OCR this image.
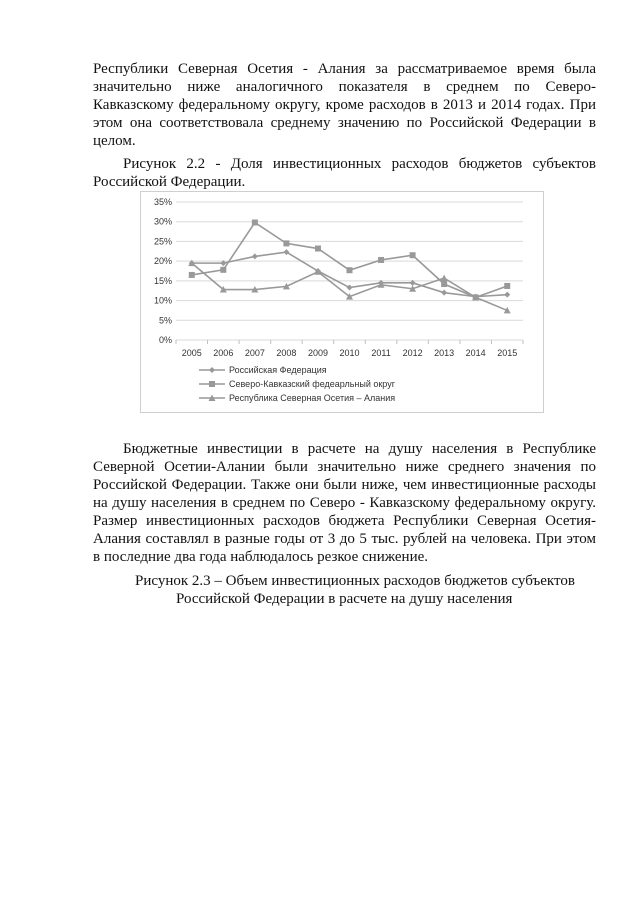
Республики Северная Осетия - Алания за рассматриваемое время была
значительно ниже аналогичного показателя в среднем по Северо-
Кавказскому федеральному округу, кроме расходов в 2013 и 2014 годах. При
этом она соответствовала среднему значению по Российской Федерации в
целом.
Рисунок 2.2 - Доля инвестиционных расходов бюджетов субъектов
Российской Федерации.
0%
5%
10%
15%
20%
25%
30%
35%
2005 2006 2007 2008 2009 2010 2011 2012 2013 2014 2015
Российская Федерация
Северо-Кавказский федеарльный округ
Республика Северная Осетия – Алания
Бюджетные инвестиции в расчете на душу населения в Республике
Северной Осетии-Алании были значительно ниже среднего значения по
Российской Федерации. Также они были ниже, чем инвестиционные расходы
на душу населения в среднем по Северо - Кавказскому федеральному округу.
Размер инвестиционных расходов бюджета Республики Северная Осетия-
Алания составлял в разные годы от 3 до 5 тыс. рублей на человека. При этом
в последние два года наблюдалось резкое снижение.
Рисунок 2.3 – Объем инвестиционных расходов бюджетов субъектов
Российской Федерации в расчете на душу населения
